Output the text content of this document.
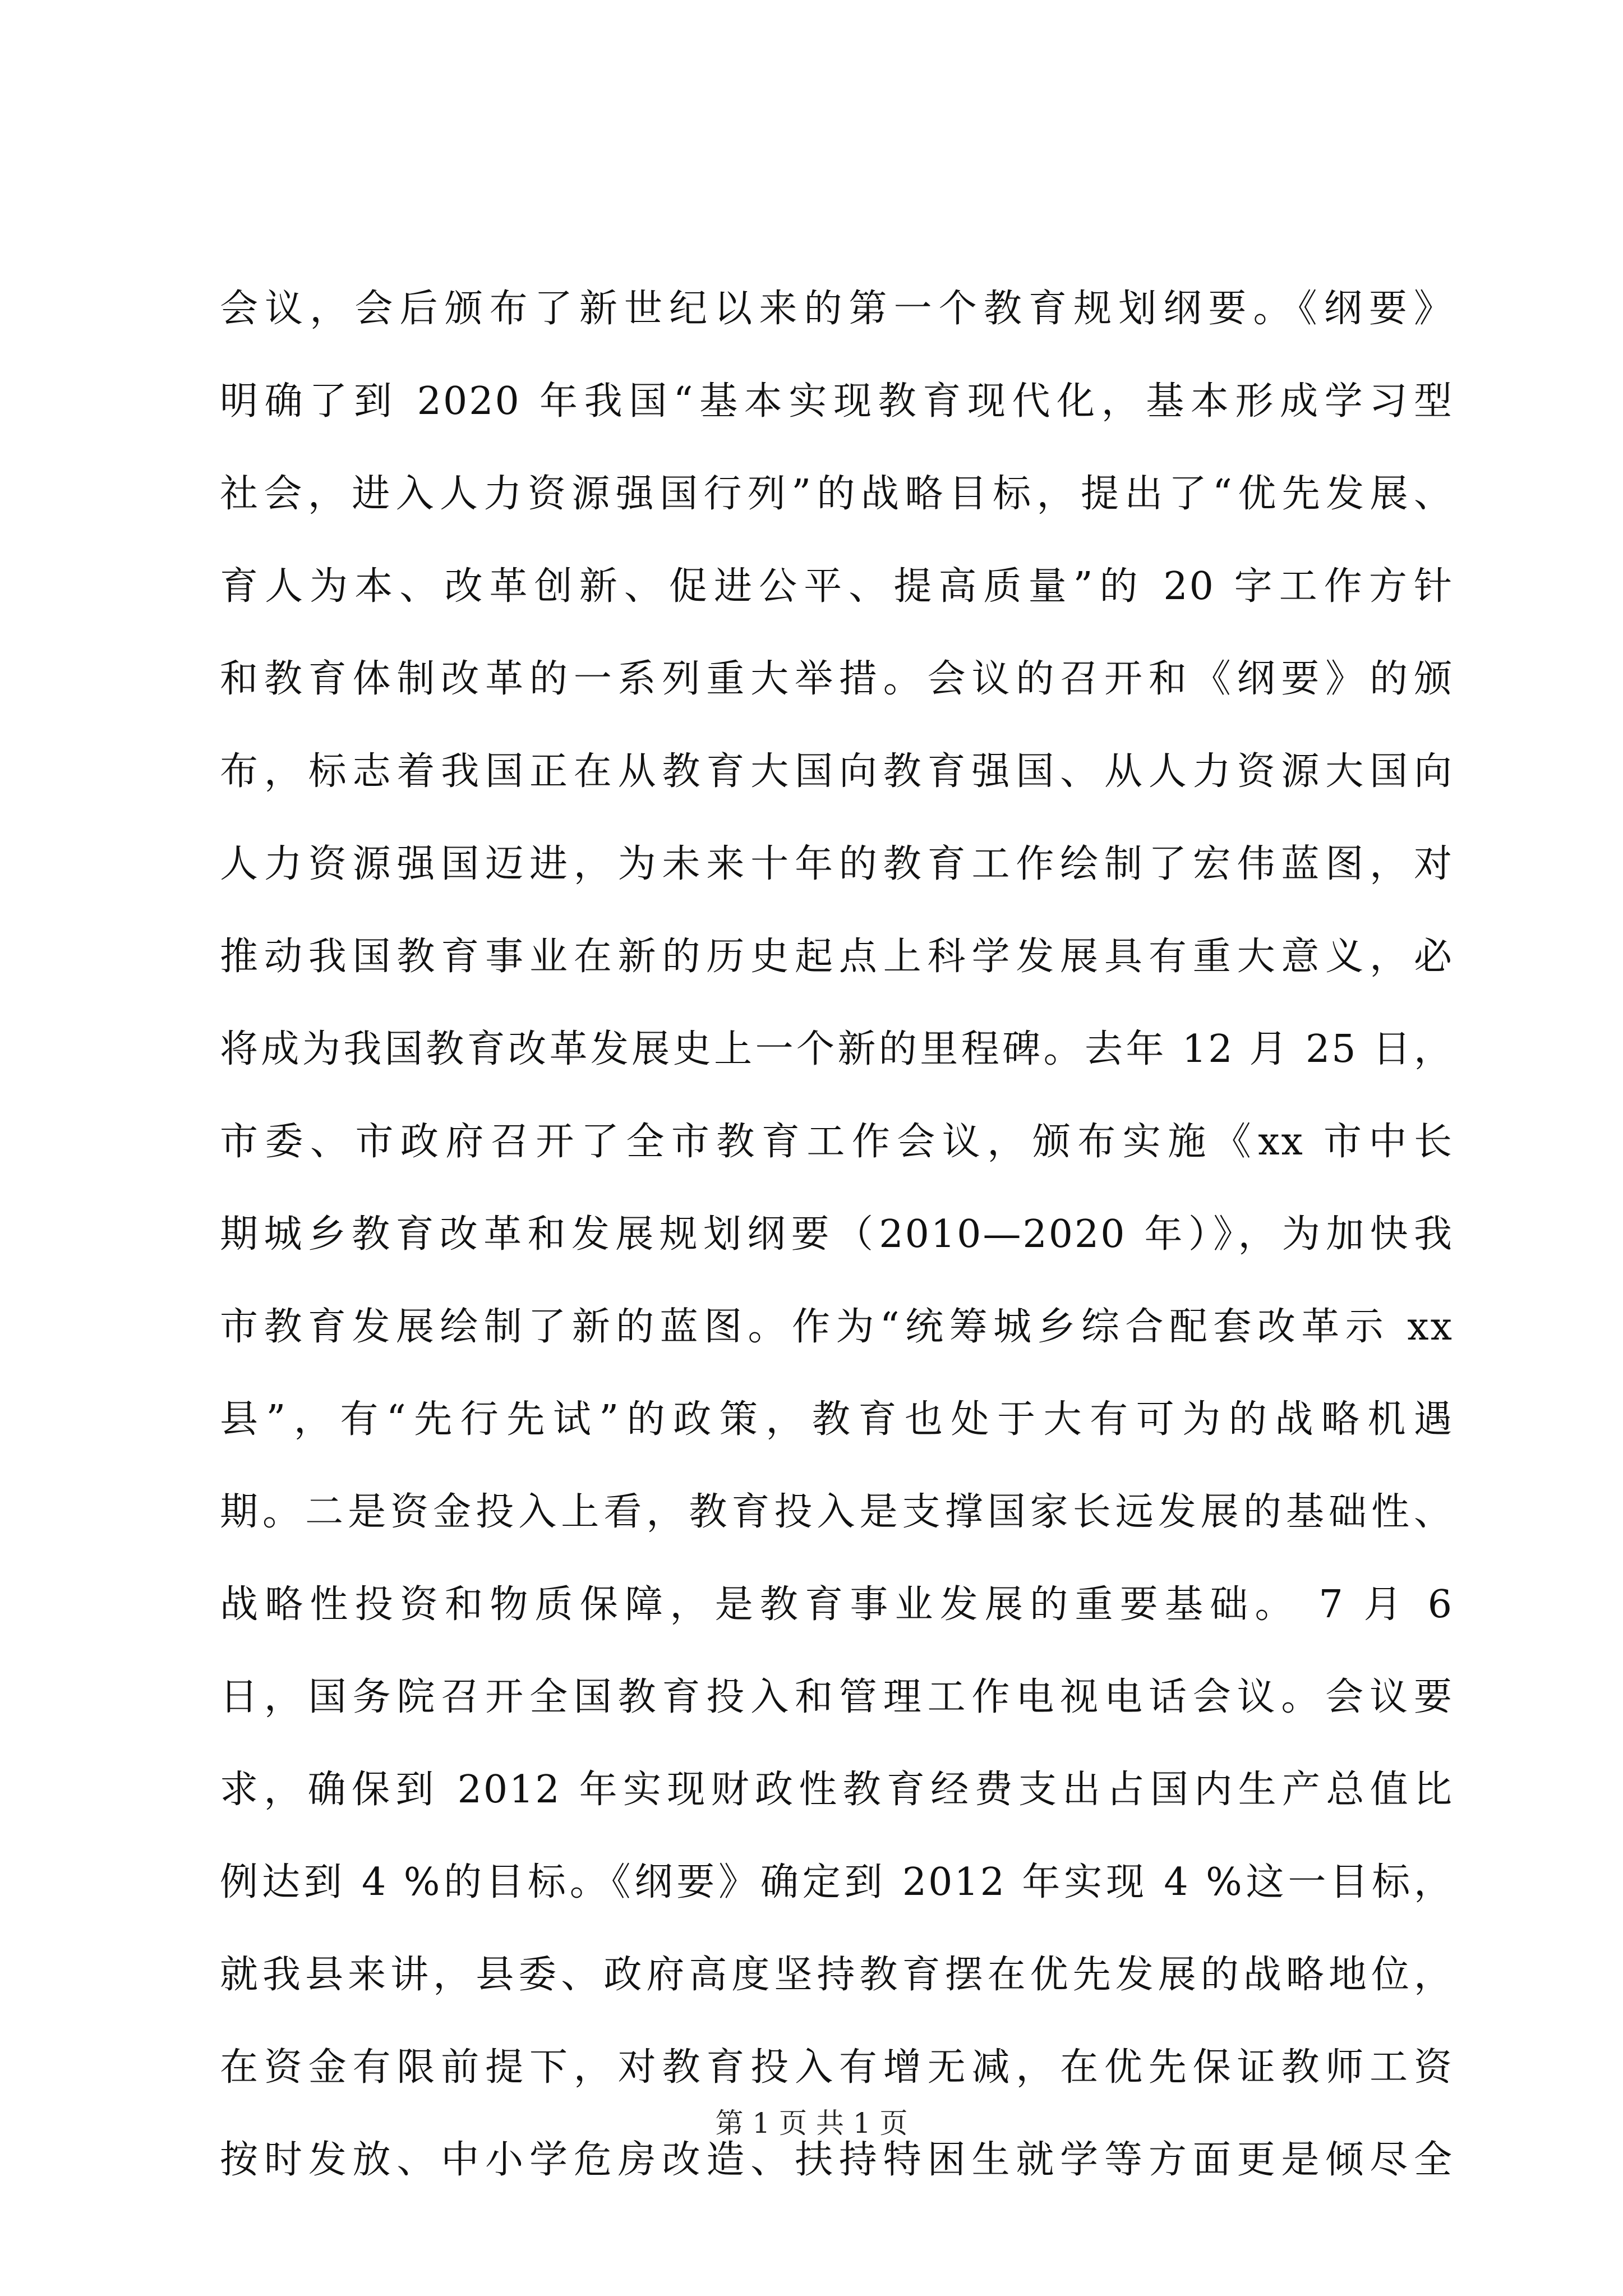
会议，会后颁布了新世纪以来的第一个教育规划纲要。《纲要》
明确了到 2020 年我国“基本实现教育现代化，基本形成学习型
社会，进入人力资源强国行列”的战略目标，提出了“优先发展、
育人为本、改革创新、促进公平、提高质量”的 20 字工作方针
和教育体制改革的一系列重大举措。会议的召开和《纲要》的颁
布，标志着我国正在从教育大国向教育强国、从人力资源大国向
人力资源强国迈进，为未来十年的教育工作绘制了宏伟蓝图，对
推动我国教育事业在新的历史起点上科学发展具有重大意义，必
将成为我国教育改革发展史上一个新的里程碑。去年 12 月 25 日，
市委、市政府召开了全市教育工作会议，颁布实施《xx 市中长
期城乡教育改革和发展规划纲要（2010—2020 年）》，为加快我
市教育发展绘制了新的蓝图。作为“统筹城乡综合配套改革示 xx
县”，有“先行先试”的政策，教育也处于大有可为的战略机遇
期。二是资金投入上看，教育投入是支撑国家长远发展的基础性、
战略性投资和物质保障，是教育事业发展的重要基础。 7 月 6
日，国务院召开全国教育投入和管理工作电视电话会议。会议要
求，确保到 2012 年实现财政性教育经费支出占国内生产总值比
例达到 4 %的目标。《纲要》确定到 2012 年实现 4 %这一目标，
就我县来讲，县委、政府高度坚持教育摆在优先发展的战略地位，
在资金有限前提下，对教育投入有增无减，在优先保证教师工资
按时发放、中小学危房改造、扶持特困生就学等方面更是倾尽全
第 1 页 共 1 页
